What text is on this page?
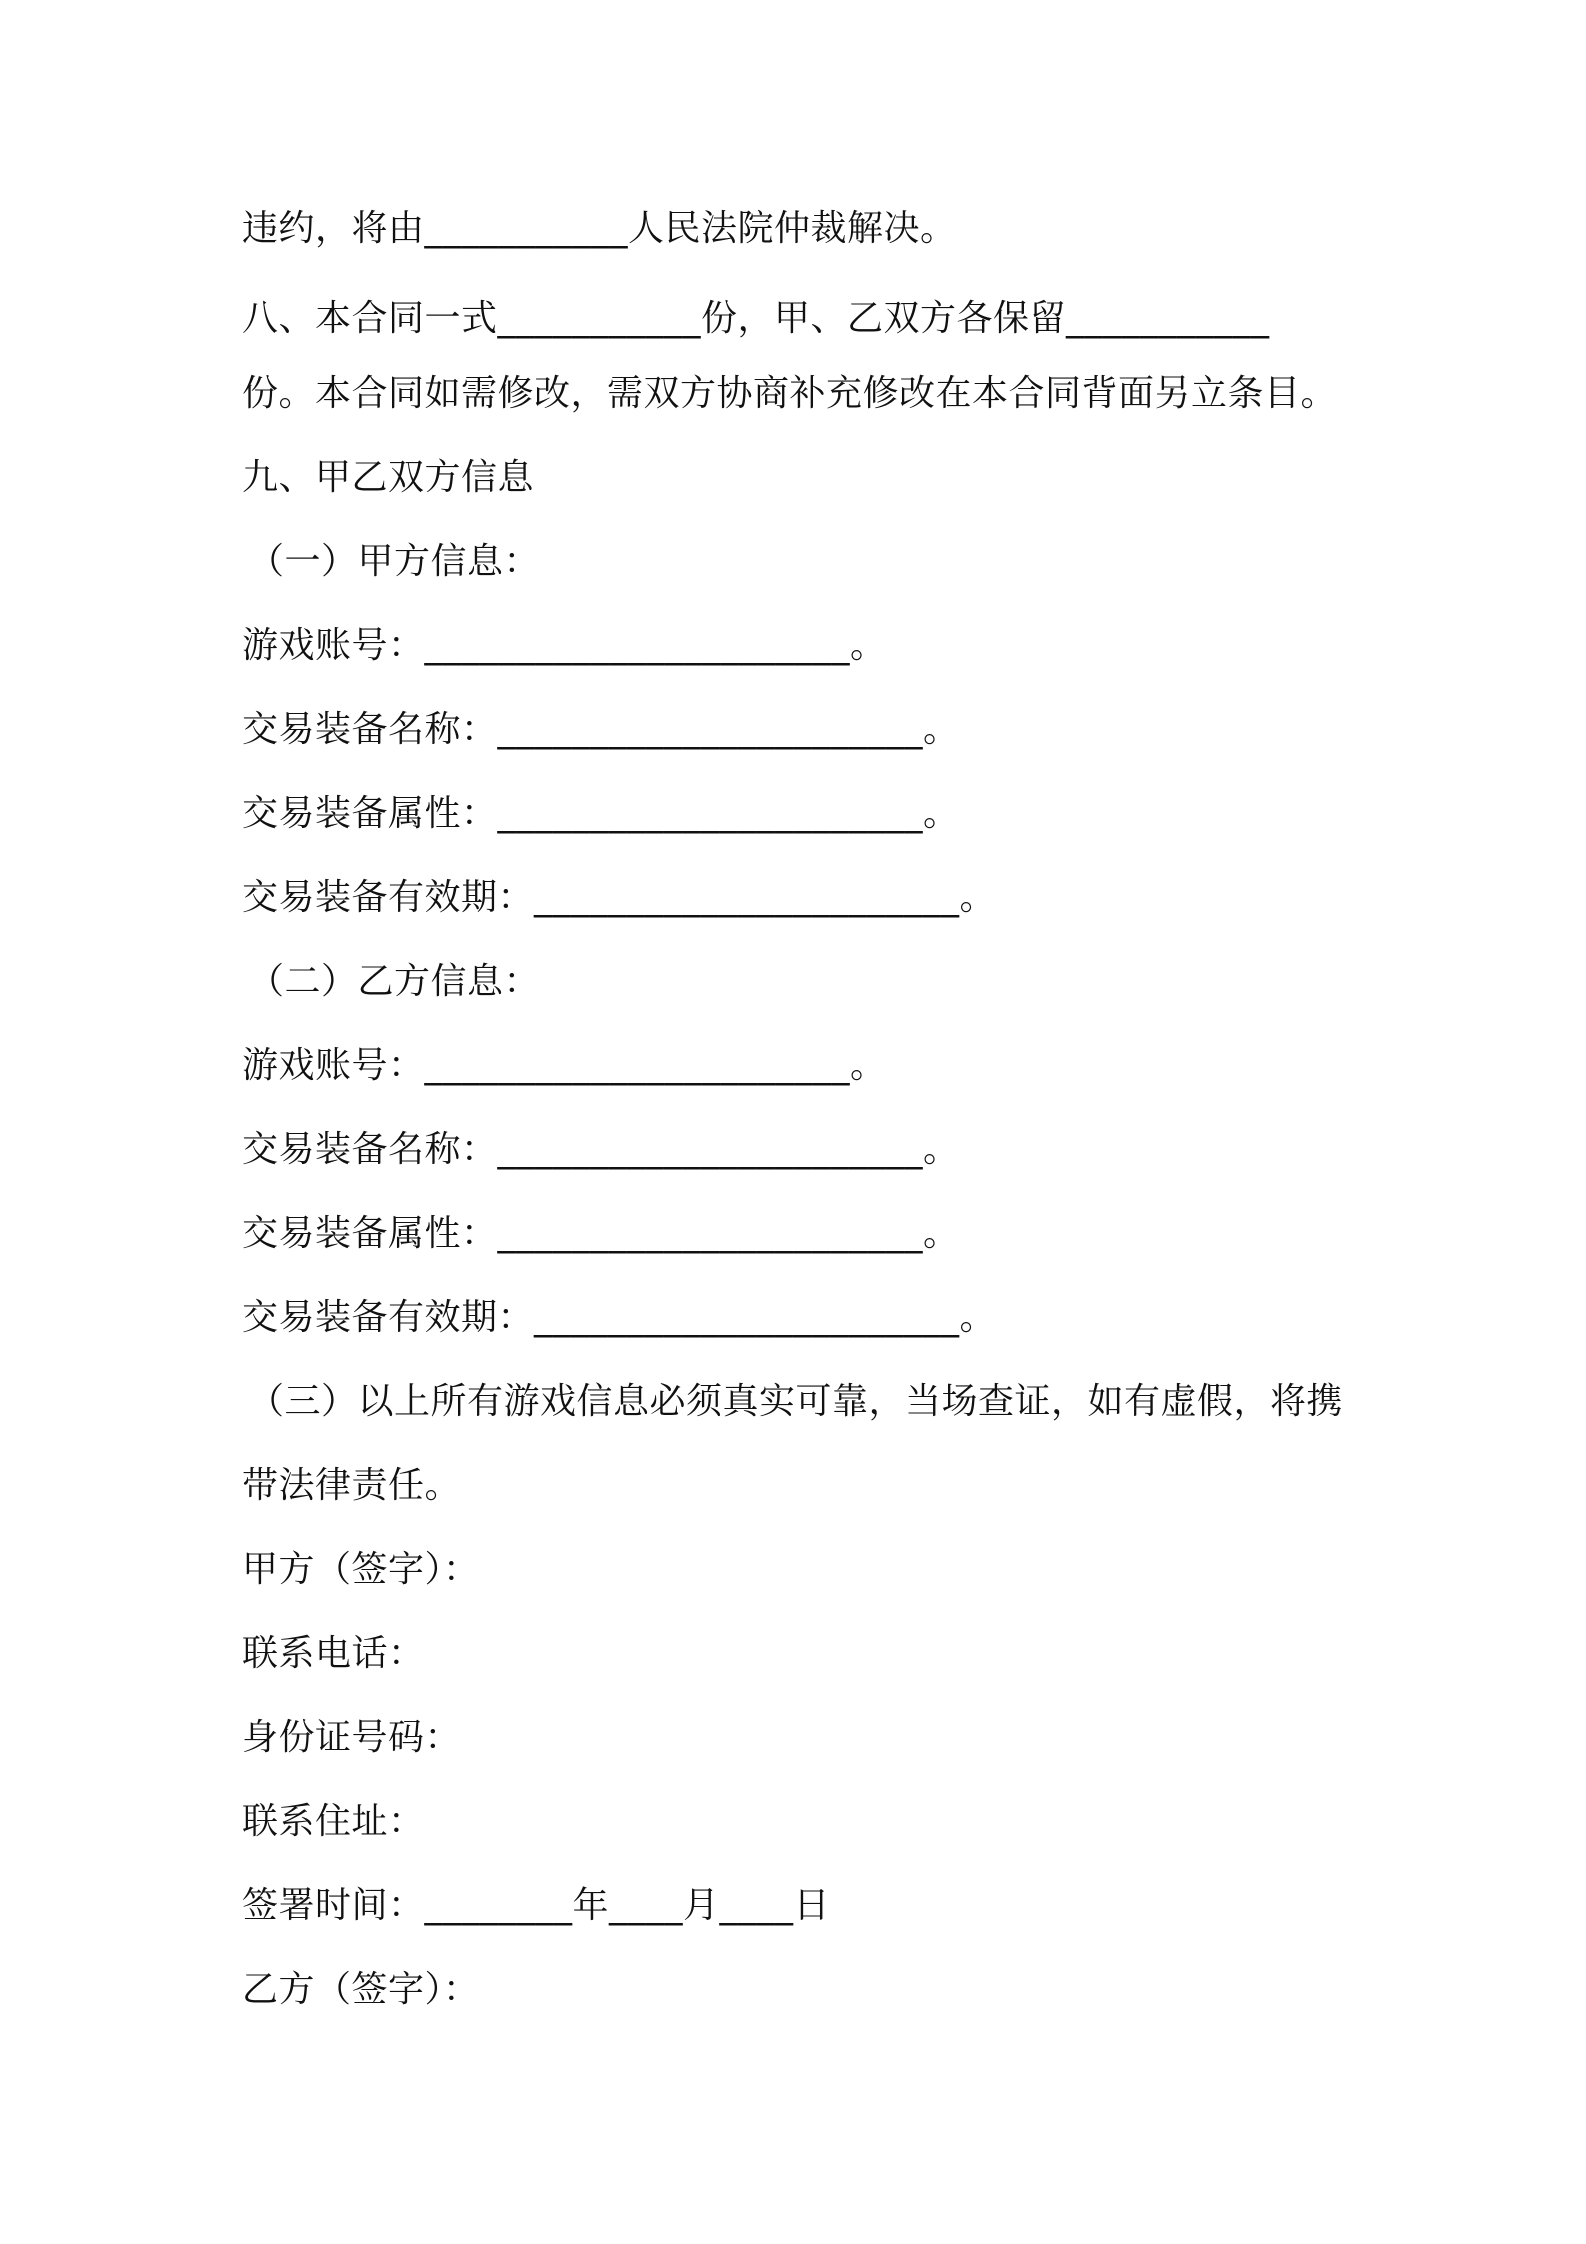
违约，将由___________人民法院仲裁解决。
八、本合同一式___________份，甲、乙双方各保留___________
份。本合同如需修改，需双方协商补充修改在本合同背面另立条目。
九、甲乙双方信息
（一）甲方信息：
游戏账号：_______________________。
交易装备名称：_______________________。
交易装备属性：_______________________。
交易装备有效期：_______________________。
（二）乙方信息：
游戏账号：_______________________。
交易装备名称：_______________________。
交易装备属性：_______________________。
交易装备有效期：_______________________。
（三）以上所有游戏信息必须真实可靠，当场查证，如有虚假，将携
带法律责任。
甲方（签字）：
联系电话：
身份证号码：
联系住址：
签署时间：________年____月____日
乙方（签字）：
